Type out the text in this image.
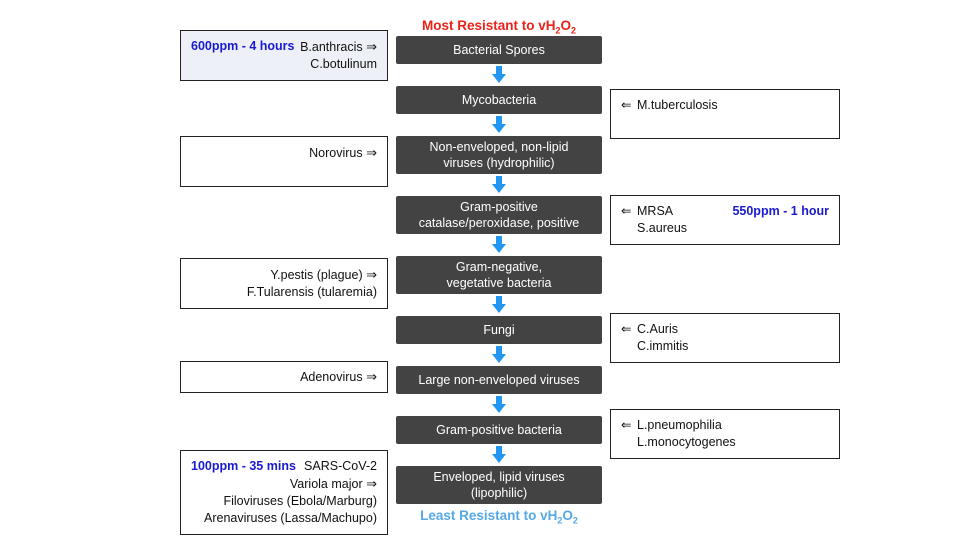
Most Resistant to $vH_2O_2$
Bacterial Spores
Mycobacteria
Non-enveloped, non-lipid
viruses (hydrophilic)
Gram-positive
catalase/peroxidase, positive
Gram-negative,
vegetative bacteria
Fungi
Large non-enveloped viruses
Gram-positive bacteria
Enveloped, lipid viruses
(lipophilic)
Least Resistant to $vH_2O_2$
600ppm - 4 hours B.anthracis ⇒
C.botulinum
Norovirus ⇒

Y.pestis (plague) ⇒
F.Tularensis (tularemia)
Adenovirus ⇒
100ppm - 35 mins SARS-CoV-2
Variola major ⇒
Filoviruses (Ebola/Marburg)
Arenaviruses (Lassa/Machupo)
⇐ M.tuberculosis

⇐ MRSA	550ppm - 1 hour
S.aureus
⇐ C.Auris
C.immitis
⇐ L.pneumophilia
L.monocytogenes
